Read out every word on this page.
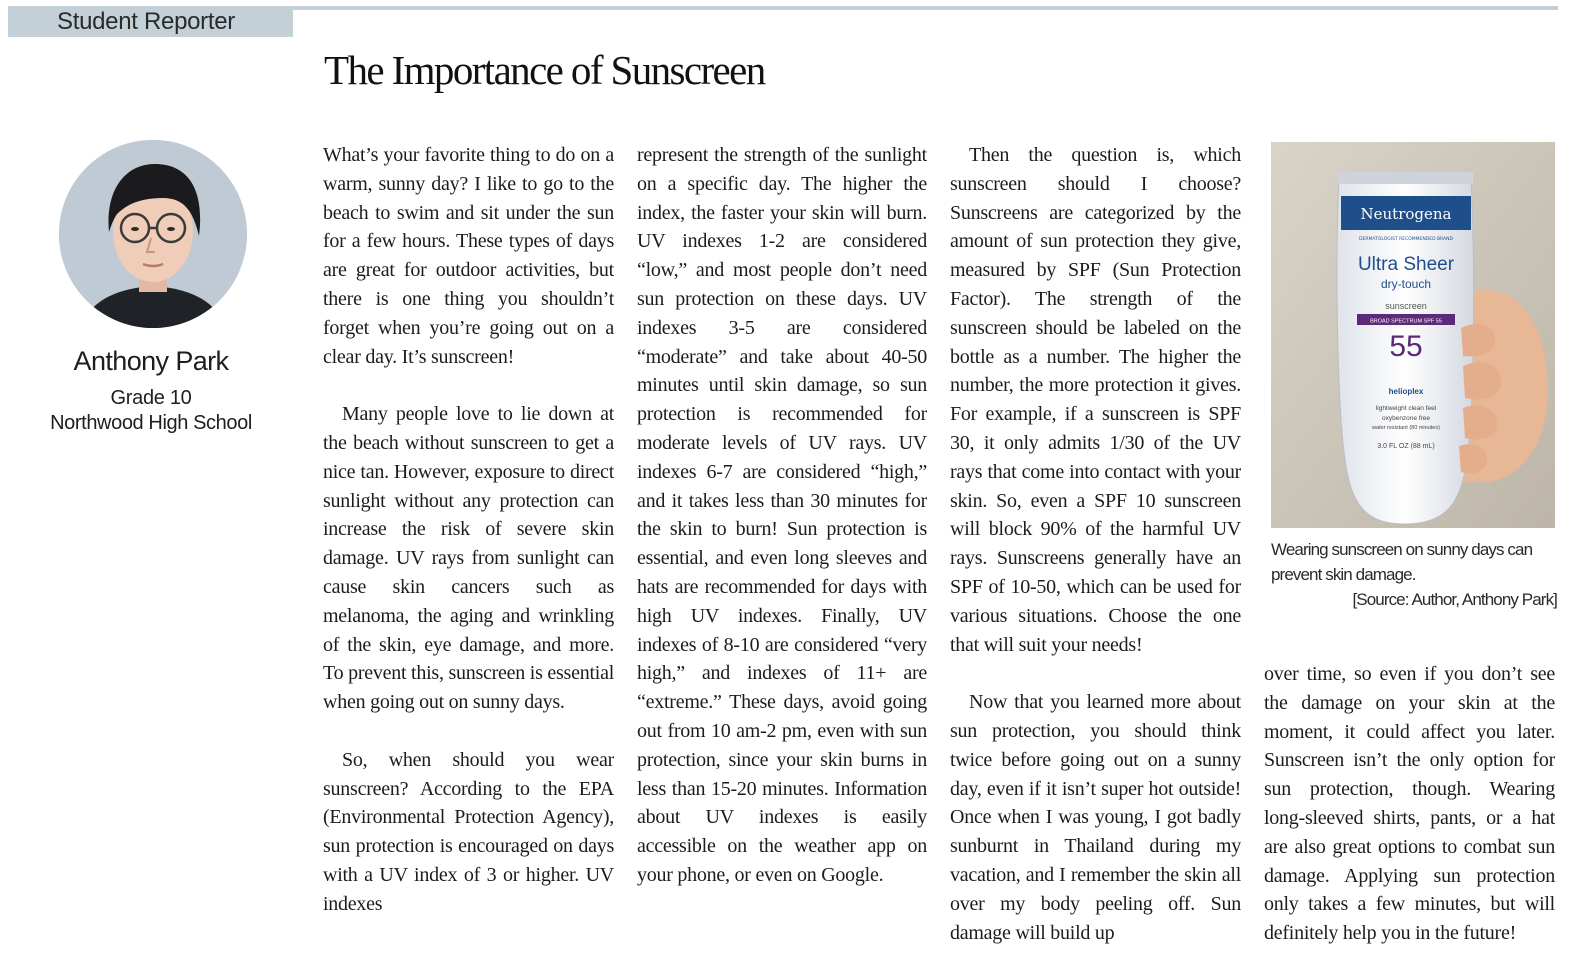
Student Reporter
The Importance of Sunscreen
Anthony Park
Grade 10
Northwood High School

What’s your favorite thing to do on a warm, sunny day? I like to go to the beach to swim and sit under the sun for a few hours. These types of days are great for outdoor activities, but there is one thing you shouldn’t forget when you’re going out on a clear day. It’s sunscreen!

Many people love to lie down at the beach without sunscreen to get a nice tan. However, exposure to direct sunlight without any protection can increase the risk of severe skin damage. UV rays from sunlight can cause skin cancers such as melanoma, the aging and wrinkling of the skin, eye damage, and more. To prevent this, sunscreen is essential when going out on sunny days.

So, when should you wear sunscreen? According to the EPA (Environmental Protection Agency), sun protection is encouraged on days with a UV index of 3 or higher. UV indexes

represent the strength of the sunlight on a specific day. The higher the index, the faster your skin will burn. UV indexes 1-2 are considered “low,” and most people don’t need sun protection on these days. UV indexes 3-5 are considered “moderate” and take about 40-50 minutes until skin damage, so sun protection is recommended for moderate levels of UV rays. UV indexes 6-7 are considered “high,” and it takes less than 30 minutes for the skin to burn! Sun protection is essential, and even long sleeves and hats are recommended for days with high UV indexes. Finally, UV indexes of 8-10 are considered “very high,” and indexes of 11+ are “extreme.” These days, avoid going out from 10 am-2 pm, even with sun protection, since your skin burns in less than 15-20 minutes. Information about UV indexes is easily accessible on the weather app on your phone, or even on Google.

Then the question is, which sunscreen should I choose? Sunscreens are categorized by the amount of sun protection they give, measured by SPF (Sun Protection Factor). The strength of the sunscreen should be labeled on the bottle as a number. The higher the number, the more protection it gives. For example, if a sunscreen is SPF 30, it only admits 1/30 of the UV rays that come into contact with your skin. So, even a SPF 10 sunscreen will block 90% of the harmful UV rays. Sunscreens generally have an SPF of 10-50, which can be used for various situations. Choose the one that will suit your needs!

Now that you learned more about sun protection, you should think twice before going out on a sunny day, even if it isn’t super hot outside! Once when I was young, I got badly sunburnt in Thailand during my vacation, and I remember the skin all over my body peeling off. Sun damage will build up

Neutrogena
DERMATOLOGIST RECOMMENDED BRAND
Ultra Sheer
dry-touch
sunscreen
BROAD SPECTRUM SPF 55
55
helioplex
lightweight clean feel
oxybenzone free
water resistant (80 minutes)
3.0 FL OZ (88 mL)
Wearing sunscreen on sunny days can prevent skin damage.
[Source: Author, Anthony Park]

over time, so even if you don’t see the damage on your skin at the moment, it could affect you later. Sunscreen isn’t the only option for sun protection, though. Wearing long-sleeved shirts, pants, or a hat are also great options to combat sun damage. Applying sun protection only takes a few minutes, but will definitely help you in the future!
